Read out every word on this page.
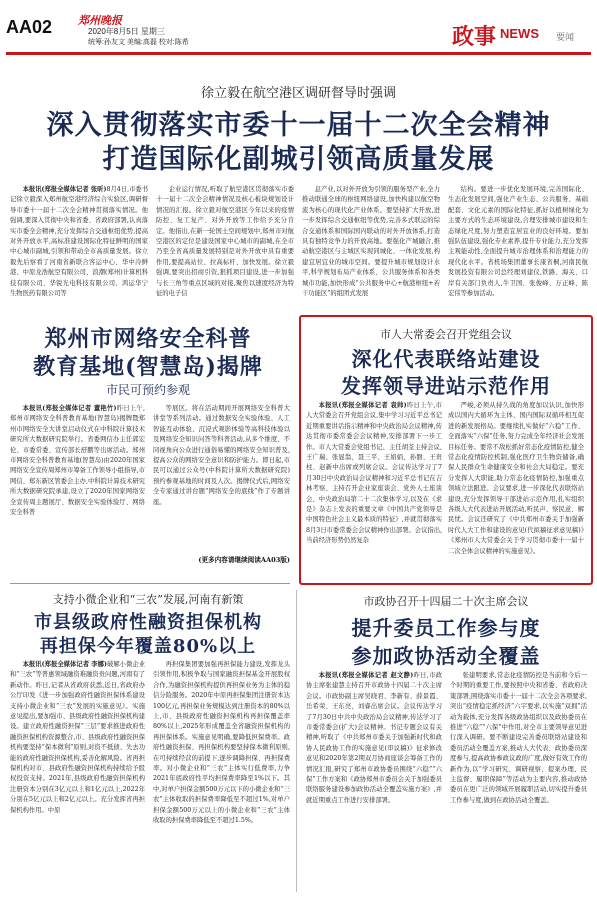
AA02 郑州晚报
2020年8月5日 星期三
统筹:孙友文 美编:高磊 校对:陈希	政事 NEWS 要闻
徐立毅在航空港区调研督导时强调
深入贯彻落实市委十一届十二次全会精神
打造国际化副城引领高质量发展

本报讯(郑报全媒体记者 张昕)8月4日,市委书记徐立毅深入郑州航空港经济综合实验区,调研督导市委十一届十二次全会精神贯彻落实情况。他强调,要深入贯彻中央和省委、省政府部署,认真落实市委全会精神,充分发挥综合交通枢纽优势,提高对外开放水平,高标准建设国际化特征鲜明的国家中心城市副城,引领和带动全市高质量发展。徐立毅先后察看了河南省新联合客运中心、华中冷鲜港、中原龙浩航空有限公司、浪潮(郑州)计算机科技有限公司、华锐光电科技有限公司、鸿运华宁生物医药有限公司等

企业运行情况,听取了航空港区贯彻落实市委十一届十二次全会精神情况及核心板块规划设计情况的汇报。徐立毅对航空港区今年以来的疫情防控、复工复产、对外开放等工作给予充分肯定。他指出,在新一轮国土空间规划中,郑州市对航空港区的定位是建设国家中心城市的副城,在全市乃至全省高质量发展特别是对外开放中具有重要作用,要提高站位、拉高标杆、加快发展。徐立毅强调,要突出招商引资,狠抓项目建设,进一步加强与长三角等重点区域的对接,聚焦以速度经济为特征的电子信

息产业,以对外开放为引领的服务型产业,全力推动联通全球的枢纽网络建设,加快构建以航空物流为核心的现代化产业体系。要坚持扩大开放,进一步发挥综合交通枢纽等优势,完善多式联运的综合交通体系和国际国内联动的对外开放体系,打造具有独特竞争力的开放高地。要强化产城融合,推动航空港区与主城区实现同城化、一体化发展,构建宜居宜业的城市空间。要提升城市规划设计水平,科学规划布局产业体系、公共服务体系和各类城市功能,加快形成“公共服务中心+航港枢纽+若干功能区”的组团式发展

结构。要进一步优化发展环境,完善国际化、生态化发展空间,强化产业生态、公共服务、基础配套、文化元素的国际化特征,抓好以植树绿化为主要方式的生态环境建设,合理安排城市建设和生态绿化尺度,努力塑造宜居宜业的良好环境。要加强队伍建设,强化专业素养,提升专业能力,充分发挥主观能动性,全面提升城市治理体系和治理能力的现代化水平。省机场集团董事长康省桐,河南民航发展投资有限公司总经理刘建仪,铁路、海关、口岸有关部门负责人,牛卫国、张俊峰、万正峰、陈宏伟等参加活动。

郑州市网络安全科普
教育基地(智慧岛)揭牌
市民可预约参观

本报讯(郑报全媒体记者 董艳竹)昨日上午,郑州市网络安全科普教育基地(智慧岛)揭牌暨郑州市网络安全大讲堂启动仪式在中科院计算技术研究所大数据研究院举行。省委网信办主任郭宏伦、市委常委、宣传部长舒鹏等出席活动。郑州市网络安全科普教育基地(智慧岛)由2020年国家网络安全宣传周郑州市筹备工作领导小组指导,市网信、郑东新区管委会主办,中科院计算技术研究所大数据研究院承建,设立了2020年国家网络安全宣传周主题展厅、数据安全实验体验厅、网络安全科普

等展区。将在活动期间开展网络安全科普大讲堂等系列活动。通过数据安全实验体验、人工智能互动体验、沉浸式观影体验等高科技体验以及网络安全知识问答等科普活动,从多个维度、不同视角向公众进行通俗易懂的网络安全知识普及,提高公众的网络安全意识和防护能力。即日起,市民可以通过公众号(中科院计算所大数据研究院)预约参观基地的时间及人次。揭牌仪式后,网络安全专家通过讲台题“网络安全的底线”作了专题讲座。

(更多内容请继续阅读AA03版)
市人大常委会召开党组会议
深化代表联络站建设
发挥领导进站示范作用

本报讯(郑报全媒体记者 袁帅)昨日上午,市人大常委会召开党组会议,集中学习习近平总书记近期重要讲话指示精神和中央政治局会议精神,传达贯彻市委常委会会议精神,安排部署下一步工作。市人大常委会党组书记、主任胡荃主持会议,王广瑞、张显翁、聂三平、王娟娟、孙磐、王贵柱、赵新中出席或列席会议。会议传达学习了7月30日中央政治局会议精神和习近平总书记在吉林考察、主持召开企业家座谈会、党外人士座谈会、中央政治局第二十二次集体学习,以及在《求是》杂志上发表的重要文章《中国共产党领导是中国特色社会主义最本质的特征》,并就贯彻落实8月3日市委常委会会议精神作出部署。会议指出,当前经济形势仍然复杂

严峻,必须从持久战的角度加以认识,加快形成以国内大循环为主体、国内国际双循环相互促进的新发展格局。要继续扎实做好“六稳”工作、全面落实“六保”任务,努力完成全年经济社会发展目标任务。要常不敌松抓好常态化疫情防控,健全常态化疫情防控机制,强化医疗卫生物资储备,确保人民群众生命健康安全和社会大局稳定。要充分发挥人大职能,助力常态化疫情防控,加强重点领域立法跟进。会议要求,进一步深化代表联络站建设,充分发挥领导干部进站示范作用,扎实组织各级人大代表进站开展活动,听民声、察民意、解民忧。会议还研究了《中共郑州市委关于加强新时代人大工作和建设的意见(代拟稿征求意见稿)》《郑州市人大常委会关于学习贯彻市委十一届十二次全体会议精神的实施意见》。

支持小微企业和“三农”发展,河南有新策
市县级政府性融资担保机构
再担保今年覆盖80%以上

本报讯(郑报全媒体记者 李娜)破解小微企业和“三农”等普惠领域融资难融资贵问题,河南有了新动作。昨日,记者从省政府获悉,近日,省政府办公厅印发《进一步加强政府性融资担保体系建设支持小微企业和“三农”发展的实施意见》。实施意见提出,要加强市、县级政府性融资担保机构建设。建立政府性融资担保“三层”要求推进政府性融资担保机构资源整合,市、县级政府性融资担保机构要坚持“保本微利”原则,对资不抵债、失去功能的政府性融资担保机构,妥善化解风险。省再担保机构对市、县政府性融资担保机构持续给予股权投资支持。2021年,县级政府性融资担保机构注册资本分别在3亿元以上和1亿元以上,2022年分别在5亿元以上和2亿元以上。充分发挥省再担保机构作用。中原

再担保集团要加强再担保能力建设,发挥龙头引领作用,积极争取与国家融资担保基金开展股权合作,为融资担保机构提供再担保业务为主体的稳信分险服务。2020年中原再担保集团注册资本达100亿元,再担保业务规模达到注册资本的80%以上,市、县级政府性融资担保机构再担保覆盖率80%以上,2025年形成覆盖全省融资担保机构的再担保体系。实施意见明确,要降低担保费率。政府性融资担保、再担保机构要坚持保本微利原则,在可持续经营的前提下,逐步调降担保、再担保费率。对小微企业和“三农”主体实行低费率,力争 2021年底政府性平均担保费率降至1%以下。其中,对单户担保金额500万元以下的小微企业和“三农”主体收取的担保费率降低至不超过1%,对单户担保金额500万元以上的小微企业和“三农”主体收取的担保费率降低至不超过1.5%。

市政协召开十四届二十次主席会议
提升委员工作参与度
参加政协活动全覆盖

本报讯(郑报全媒体记者 赵文静)昨日,市政协主席张建慧主持召开市政协十四届二十次主席会议。市政协副主席吴晓君、李新有、薛景霞、岳希荣、王东亮、刘睿出席会议。会议传达学习了7月30日中共中央政治局会议精神,传达学习了市委常委会(扩大)会议精神。书记专题会议有关精神,听取了《中共郑州市委关于加强新时代和政协人民政协工作的实施意见(审议稿)》征求修改意见和2020年第2期双月协商座谈会筹备工作的情况汇报,研究了郑州市政协委员围绕“六稳”“六保”工作方案和《政协郑州市委员会关于加强委员联络服务建设参加政协活动全覆盖实施方案》,并就近期重点工作进行安排部署。

张建明要求,常态化疫情防控是当前和今后一个时期的重要工作,要按照中央和省委、省政府决策部署,围绕落实市委十一届十二次全会各项要求,突出“疫情稳定抓经济”六字要求,以实施“双拥”活动为载体,充分发挥各级政协组织以及政协委员在推进“六稳”“六保”中作用,对全市主要领导意见进行深入调研。要不断建设完善委员联络站建设和委员活动全覆盖方案,推动人大代表、政协委员深度参与,提高政协参政议政的广度,做好有效工作的新作为,以“学习研究、调研视察、提案办理、民主监督、履职保障”等活动为主要内容,推动政协委员在更广泛的领域开展履职活动,切实提升委员工作参与度,做到在政协活动全覆盖。
